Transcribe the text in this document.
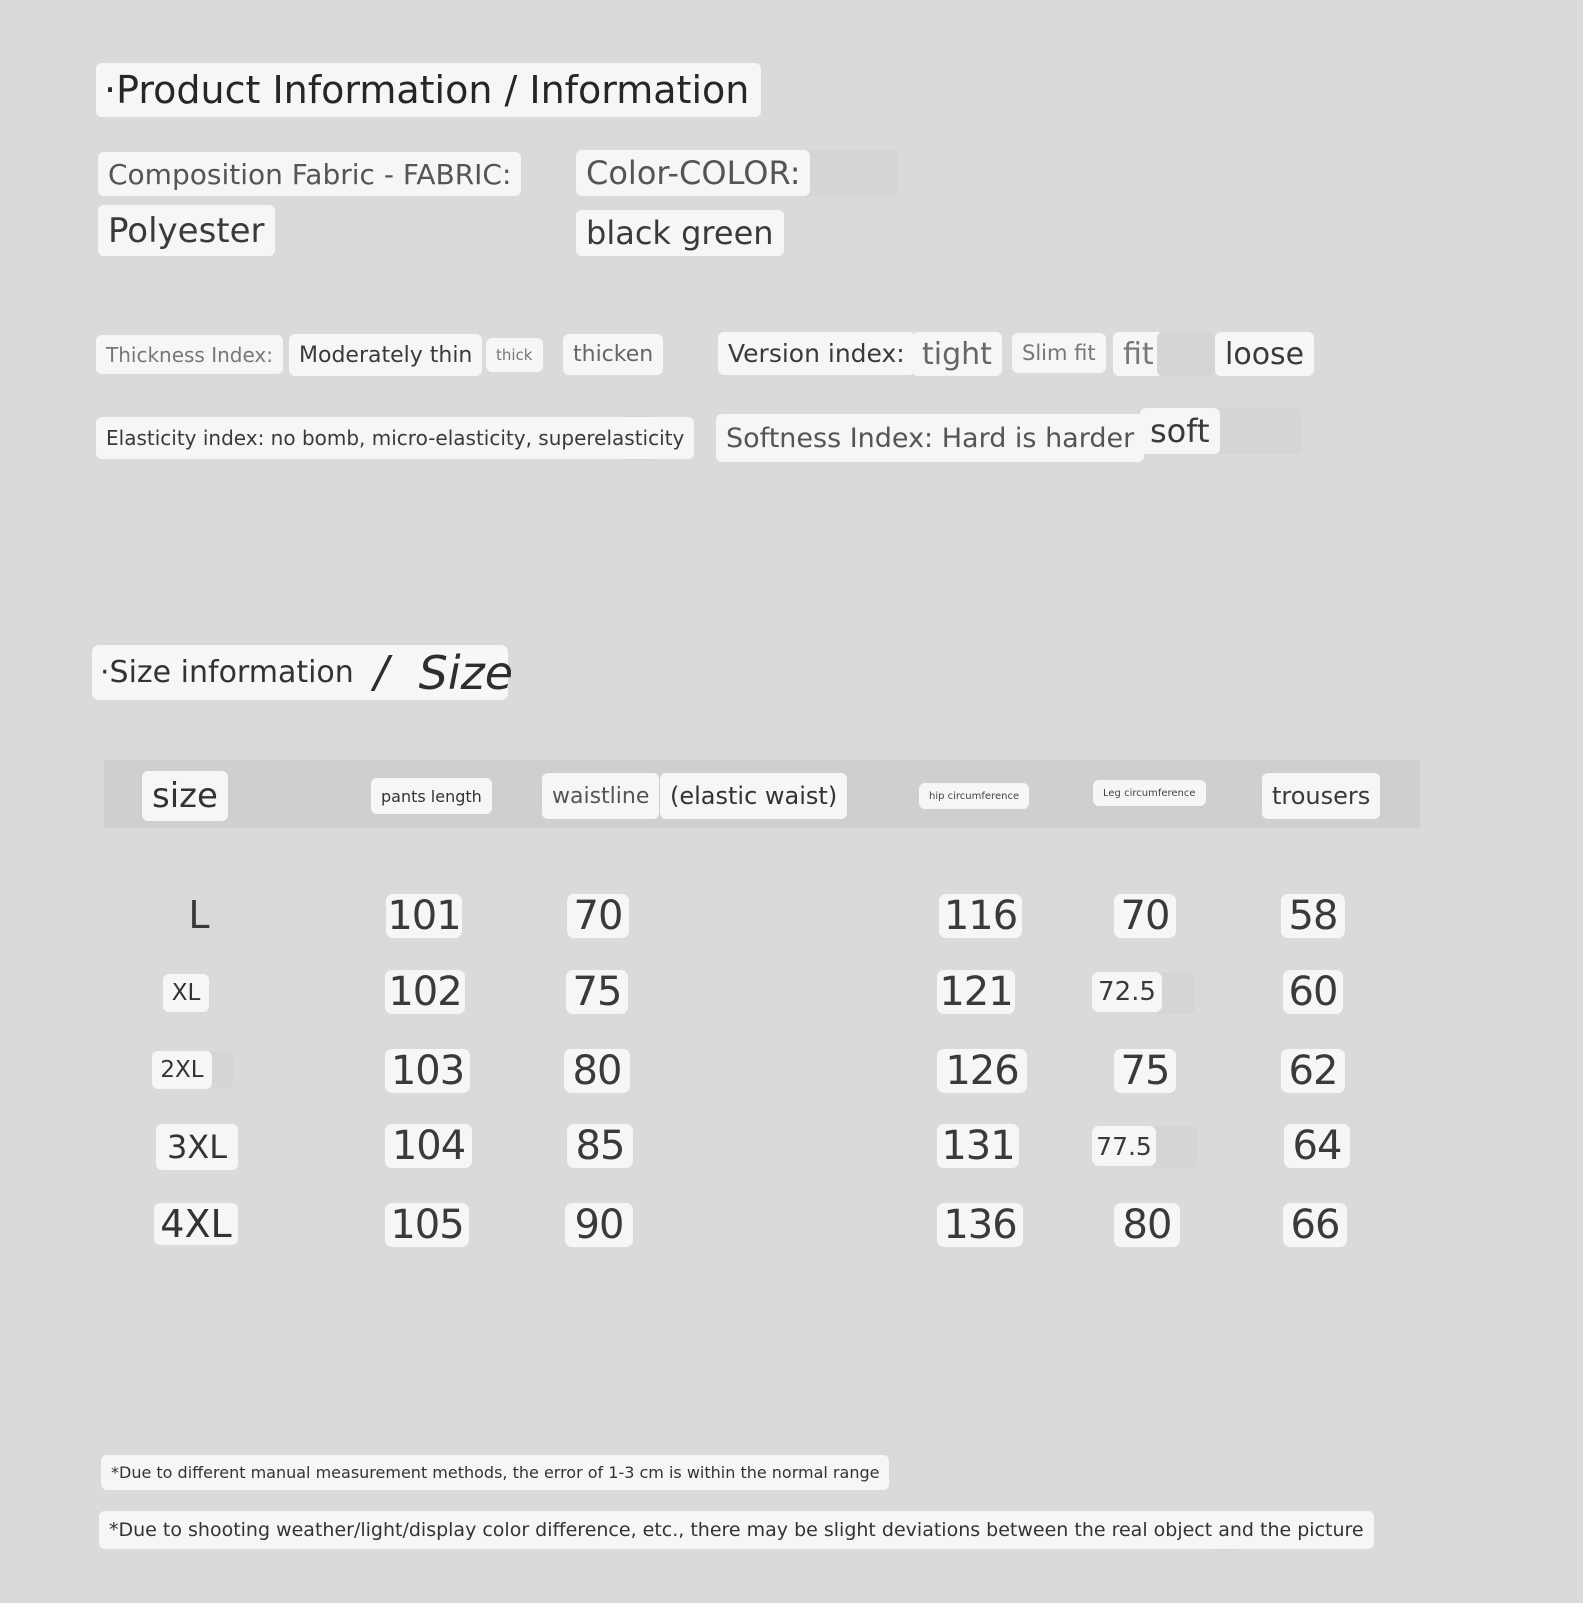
·Product Information / Information
Composition Fabric - FABRIC:
Polyester
Color-COLOR:
black green
Thickness Index:	Moderately thin	thick	thicken	Version index: tight	Slim fit fit	loose
Elasticity index: no bomb, micro-elasticity, superelasticity	Softness Index: Hard is harder soft
·Size information / Size
size	pants length	waistline (elastic waist)	hip circumference	Leg circumference	trousers
L	101	70	116	70	58
XL	102	75	121	72.5	60
2XL	103	80	126	75	62
3XL	104	85	131	77.5	64
4XL	105	90	136	80	66
*Due to different manual measurement methods, the error of 1-3 cm is within the normal range
*Due to shooting weather/light/display color difference, etc., there may be slight deviations between the real object and the picture
